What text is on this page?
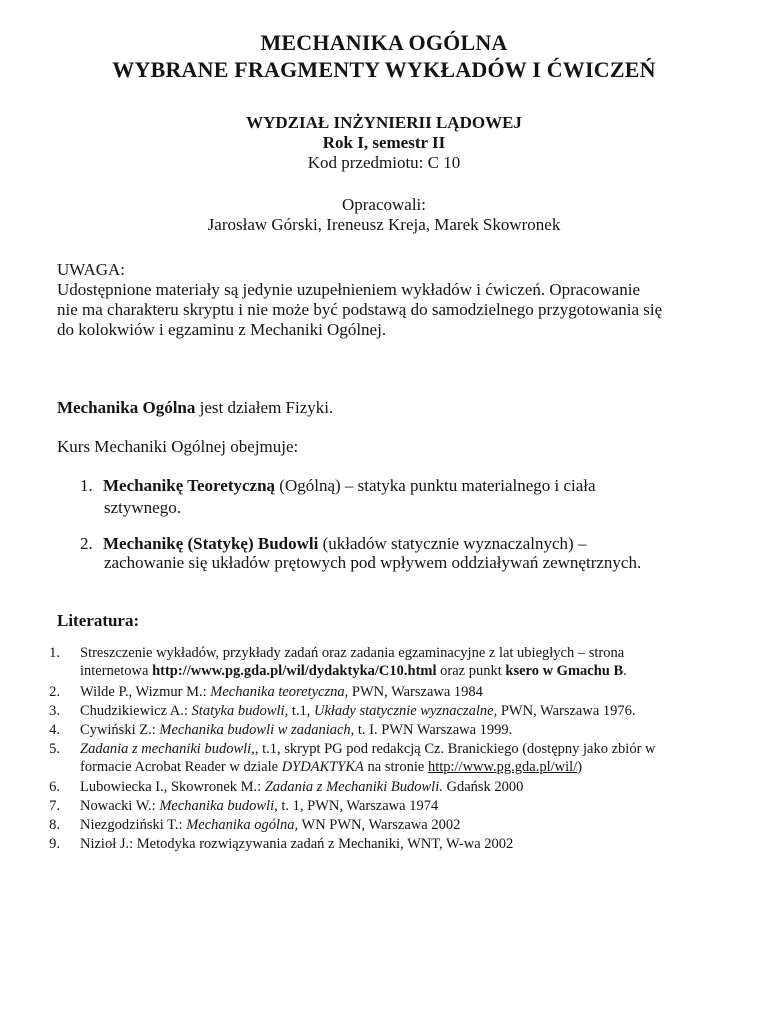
MECHANIKA OGÓLNA
WYBRANE FRAGMENTY WYKŁADÓW I ĆWICZEŃ
WYDZIAŁ INŻYNIERII LĄDOWEJ
Rok I, semestr II
Kod przedmiotu: C 10
Opracowali:
Jarosław Górski, Ireneusz Kreja, Marek Skowronek
UWAGA:
Udostępnione materiały są jedynie uzupełnieniem wykładów i ćwiczeń. Opracowanie
nie ma charakteru skryptu i nie może być podstawą do samodzielnego przygotowania się
do kolokwiów i egzaminu z Mechaniki Ogólnej.
Mechanika Ogólna jest działem Fizyki.
Kurs Mechaniki Ogólnej obejmuje:
1. Mechanikę Teoretyczną (Ogólną) – statyka punktu materialnego i ciała
sztywnego.
2. Mechanikę (Statykę) Budowli (układów statycznie wyznaczalnych) –
zachowanie się układów prętowych pod wpływem oddziaływań zewnętrznych.
Literatura:
1. Streszczenie wykładów, przykłady zadań oraz zadania egzaminacyjne z lat ubiegłych – strona
internetowa http://www.pg.gda.pl/wil/dydaktyka/C10.html oraz punkt ksero w Gmachu B.
2. Wilde P., Wizmur M.: Mechanika teoretyczna, PWN, Warszawa 1984
3. Chudzikiewicz A.: Statyka budowli, t.1, Układy statycznie wyznaczalne, PWN, Warszawa 1976.
4. Cywiński Z.: Mechanika budowli w zadaniach, t. I. PWN Warszawa 1999.
5. Zadania z mechaniki budowli,, t.1, skrypt PG pod redakcją Cz. Branickiego (dostępny jako zbiór w
formacie Acrobat Reader w dziale DYDAKTYKA na stronie http://www.pg.gda.pl/wil/)
6. Lubowiecka I., Skowronek M.: Zadania z Mechaniki Budowli. Gdańsk 2000
7. Nowacki W.: Mechanika budowli, t. 1, PWN, Warszawa 1974
8. Niezgodziński T.: Mechanika ogólna, WN PWN, Warszawa 2002
9. Nizioł J.: Metodyka rozwiązywania zadań z Mechaniki, WNT, W-wa 2002
